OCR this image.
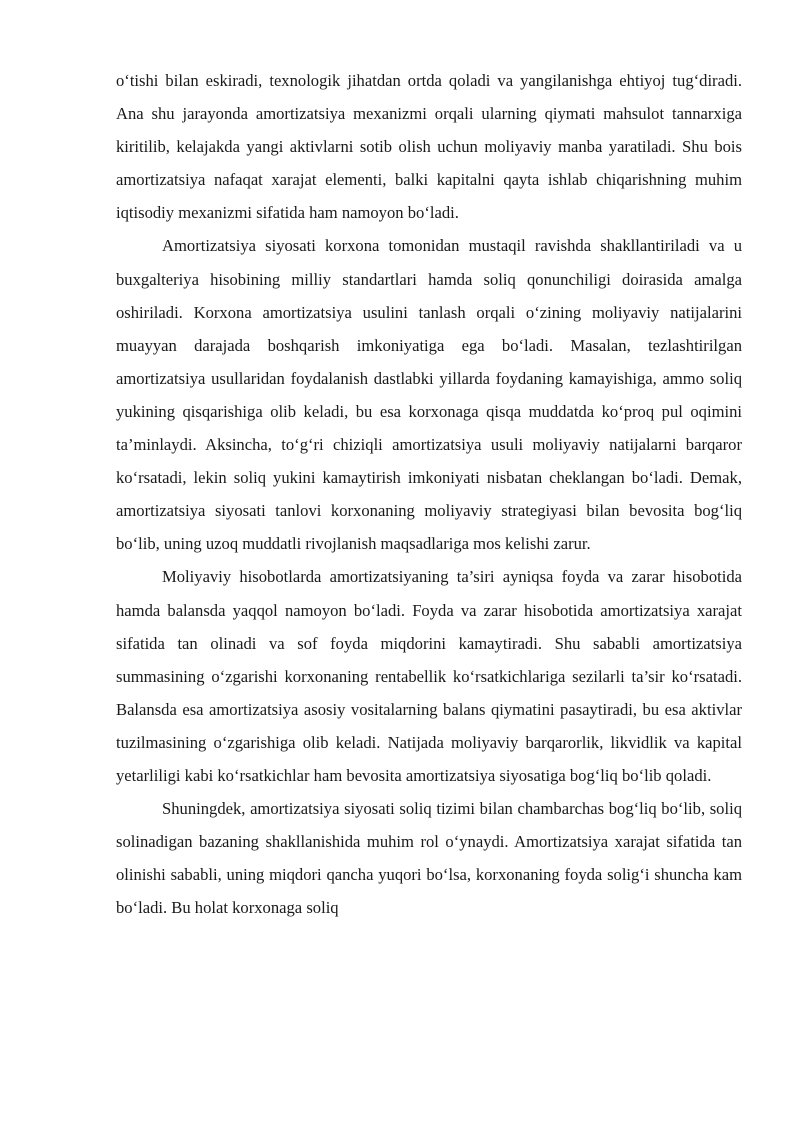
o‘tishi bilan eskiradi, texnologik jihatdan ortda qoladi va yangilanishga ehtiyoj tug‘diradi. Ana shu jarayonda amortizatsiya mexanizmi orqali ularning qiymati mahsulot tannarxiga kiritilib, kelajakda yangi aktivlarni sotib olish uchun moliyaviy manba yaratiladi. Shu bois amortizatsiya nafaqat xarajat elementi, balki kapitalni qayta ishlab chiqarishning muhim iqtisodiy mexanizmi sifatida ham namoyon bo‘ladi.

Amortizatsiya siyosati korxona tomonidan mustaqil ravishda shakllantiriladi va u buxgalteriya hisobining milliy standartlari hamda soliq qonunchiligi doirasida amalga oshiriladi. Korxona amortizatsiya usulini tanlash orqali o‘zining moliyaviy natijalarini muayyan darajada boshqarish imkoniyatiga ega bo‘ladi. Masalan, tezlashtirilgan amortizatsiya usullaridan foydalanish dastlabki yillarda foydaning kamayishiga, ammo soliq yukining qisqarishiga olib keladi, bu esa korxonaga qisqa muddatda ko‘proq pul oqimini ta’minlaydi. Aksincha, to‘g‘ri chiziqli amortizatsiya usuli moliyaviy natijalarni barqaror ko‘rsatadi, lekin soliq yukini kamaytirish imkoniyati nisbatan cheklangan bo‘ladi. Demak, amortizatsiya siyosati tanlovi korxonaning moliyaviy strategiyasi bilan bevosita bog‘liq bo‘lib, uning uzoq muddatli rivojlanish maqsadlariga mos kelishi zarur.

Moliyaviy hisobotlarda amortizatsiyaning ta’siri ayniqsa foyda va zarar hisobotida hamda balansda yaqqol namoyon bo‘ladi. Foyda va zarar hisobotida amortizatsiya xarajat sifatida tan olinadi va sof foyda miqdorini kamaytiradi. Shu sababli amortizatsiya summasining o‘zgarishi korxonaning rentabellik ko‘rsatkichlariga sezilarli ta’sir ko‘rsatadi. Balansda esa amortizatsiya asosiy vositalarning balans qiymatini pasaytiradi, bu esa aktivlar tuzilmasining o‘zgarishiga olib keladi. Natijada moliyaviy barqarorlik, likvidlik va kapital yetarliligi kabi ko‘rsatkichlar ham bevosita amortizatsiya siyosatiga bog‘liq bo‘lib qoladi.

Shuningdek, amortizatsiya siyosati soliq tizimi bilan chambarchas bog‘liq bo‘lib, soliq solinadigan bazaning shakllanishida muhim rol o‘ynaydi. Amortizatsiya xarajat sifatida tan olinishi sababli, uning miqdori qancha yuqori bo‘lsa, korxonaning foyda solig‘i shuncha kam bo‘ladi. Bu holat korxonaga soliq
